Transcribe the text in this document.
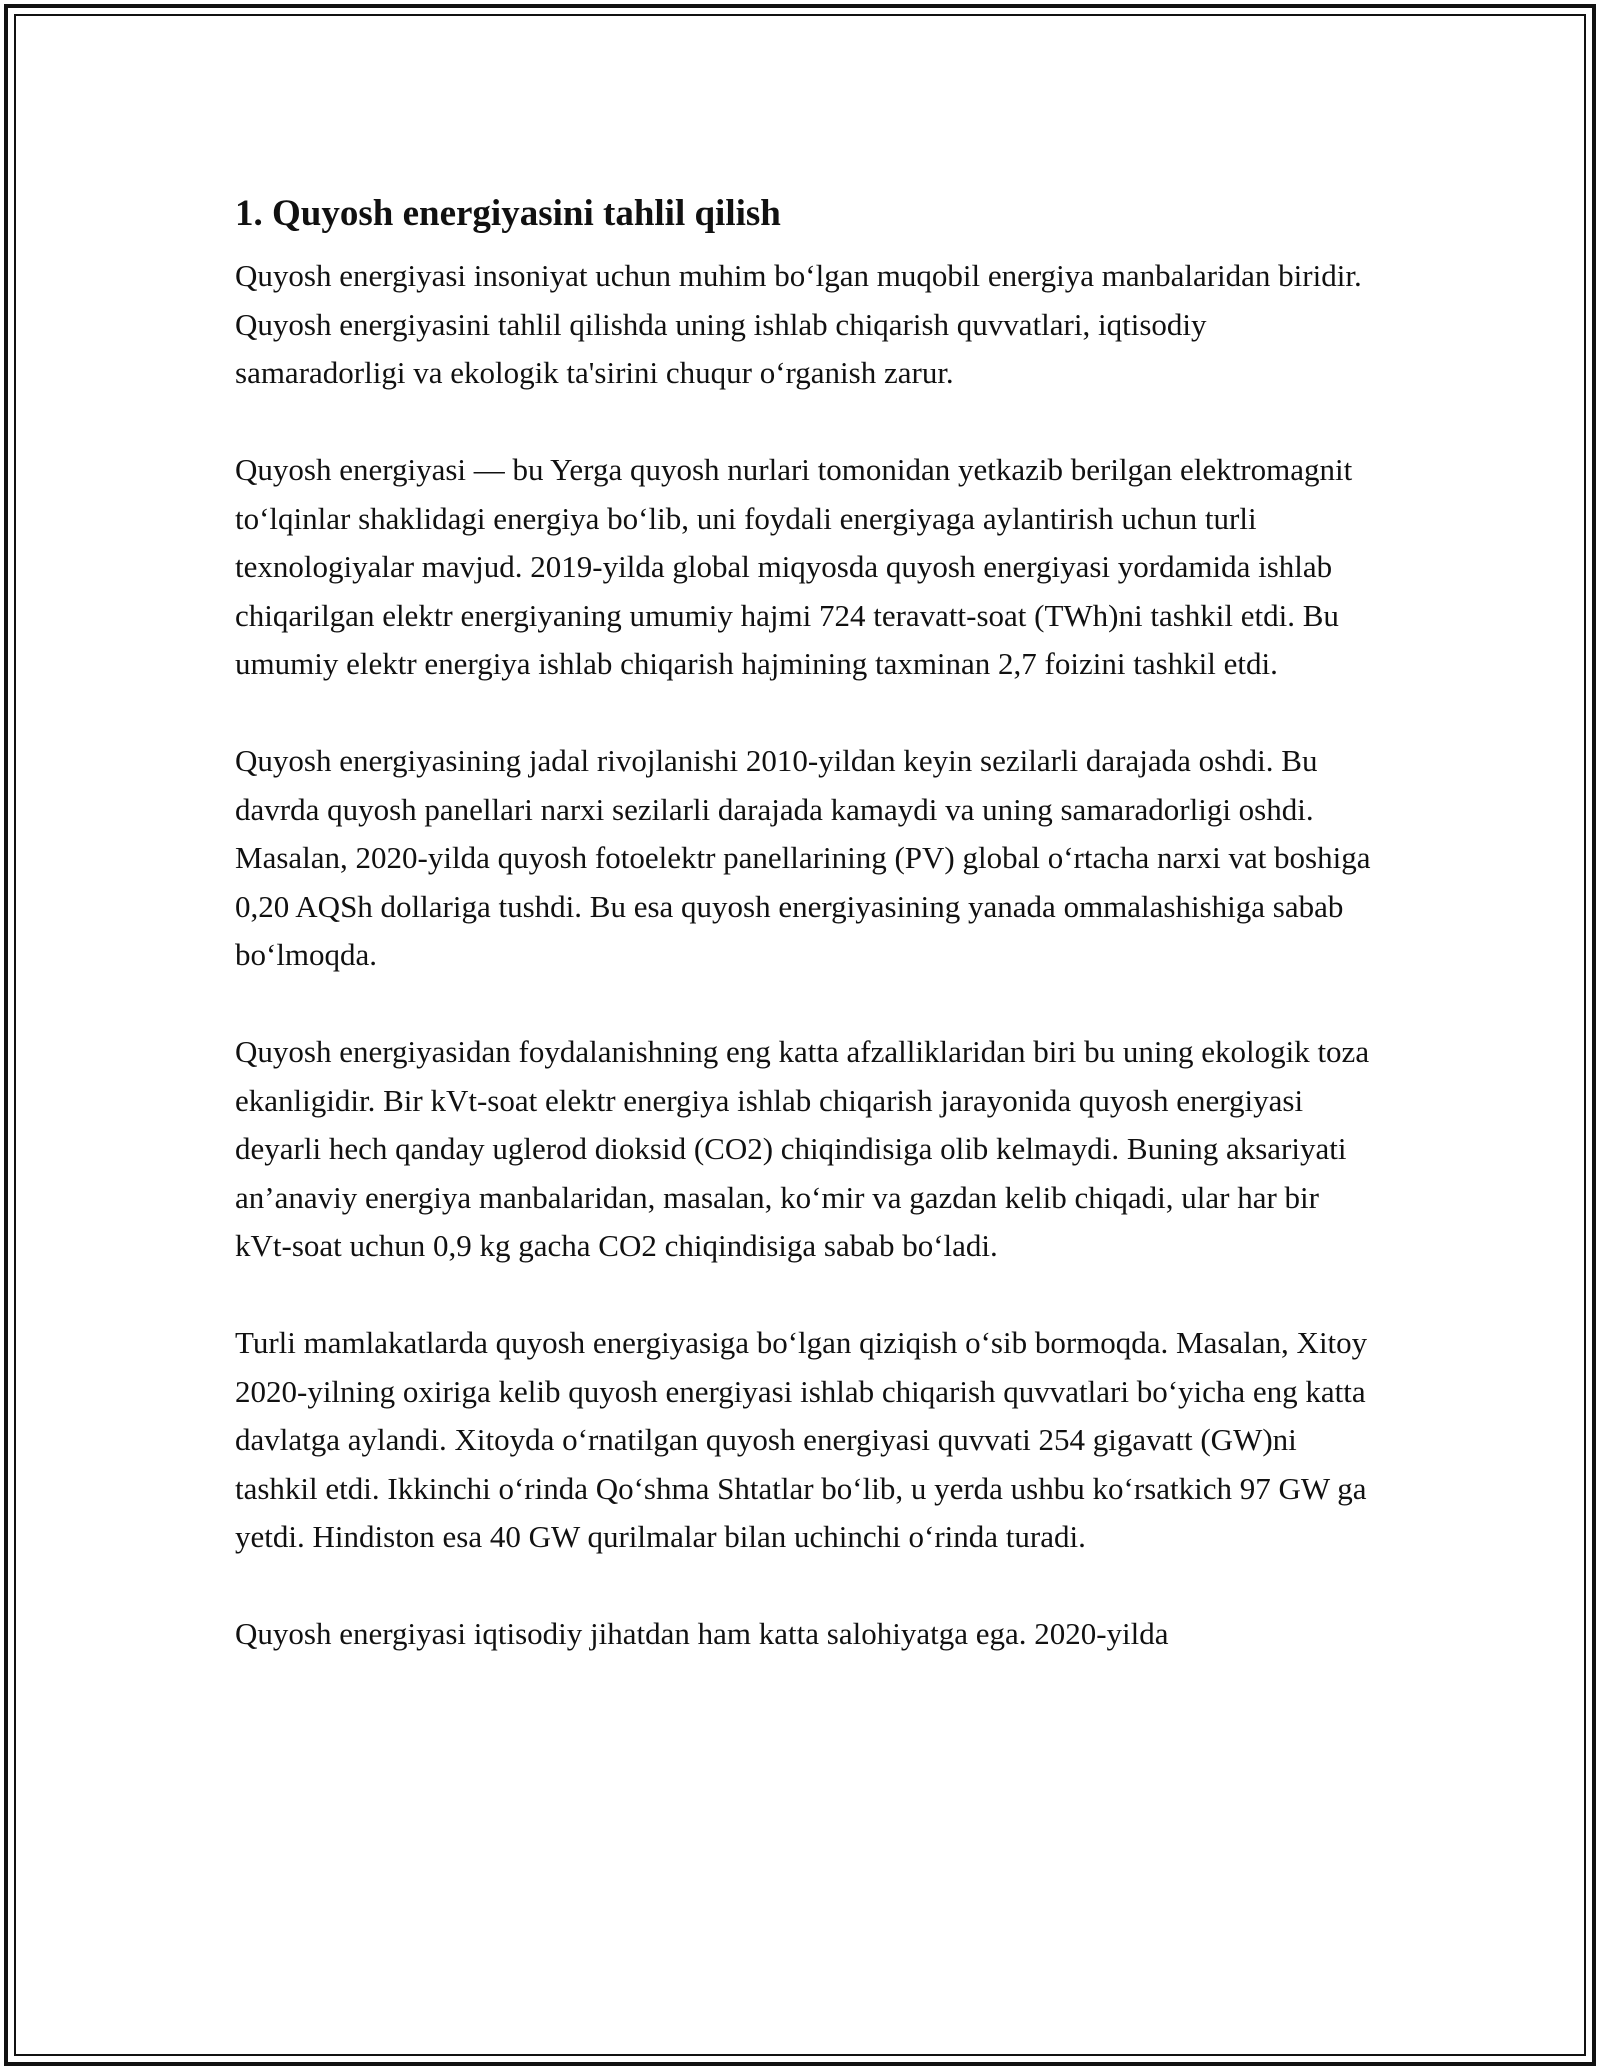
1. Quyosh energiyasini tahlil qilish

Quyosh energiyasi insoniyat uchun muhim boʻlgan muqobil energiya manbalaridan biridir. Quyosh energiyasini tahlil qilishda uning ishlab chiqarish quvvatlari, iqtisodiy samaradorligi va ekologik ta'sirini chuqur oʻrganish zarur.

Quyosh energiyasi — bu Yerga quyosh nurlari tomonidan yetkazib berilgan elektromagnit toʻlqinlar shaklidagi energiya boʻlib, uni foydali energiyaga aylantirish uchun turli texnologiyalar mavjud. 2019-yilda global miqyosda quyosh energiyasi yordamida ishlab chiqarilgan elektr energiyaning umumiy hajmi 724 teravatt-soat (TWh)ni tashkil etdi. Bu umumiy elektr energiya ishlab chiqarish hajmining taxminan 2,7 foizini tashkil etdi.

Quyosh energiyasining jadal rivojlanishi 2010-yildan keyin sezilarli darajada oshdi. Bu davrda quyosh panellari narxi sezilarli darajada kamaydi va uning samaradorligi oshdi. Masalan, 2020-yilda quyosh fotoelektr panellarining (PV) global oʻrtacha narxi vat boshiga 0,20 AQSh dollariga tushdi. Bu esa quyosh energiyasining yanada ommalashishiga sabab boʻlmoqda.

Quyosh energiyasidan foydalanishning eng katta afzalliklaridan biri bu uning ekologik toza ekanligidir. Bir kVt-soat elektr energiya ishlab chiqarish jarayonida quyosh energiyasi deyarli hech qanday uglerod dioksid (CO2) chiqindisiga olib kelmaydi. Buning aksariyati an’anaviy energiya manbalaridan, masalan, koʻmir va gazdan kelib chiqadi, ular har bir kVt-soat uchun 0,9 kg gacha CO2 chiqindisiga sabab boʻladi.

Turli mamlakatlarda quyosh energiyasiga boʻlgan qiziqish oʻsib bormoqda. Masalan, Xitoy 2020-yilning oxiriga kelib quyosh energiyasi ishlab chiqarish quvvatlari boʻyicha eng katta davlatga aylandi. Xitoyda oʻrnatilgan quyosh energiyasi quvvati 254 gigavatt (GW)ni tashkil etdi. Ikkinchi oʻrinda Qoʻshma Shtatlar boʻlib, u yerda ushbu koʻrsatkich 97 GW ga yetdi. Hindiston esa 40 GW qurilmalar bilan uchinchi oʻrinda turadi.

Quyosh energiyasi iqtisodiy jihatdan ham katta salohiyatga ega. 2020-yilda
